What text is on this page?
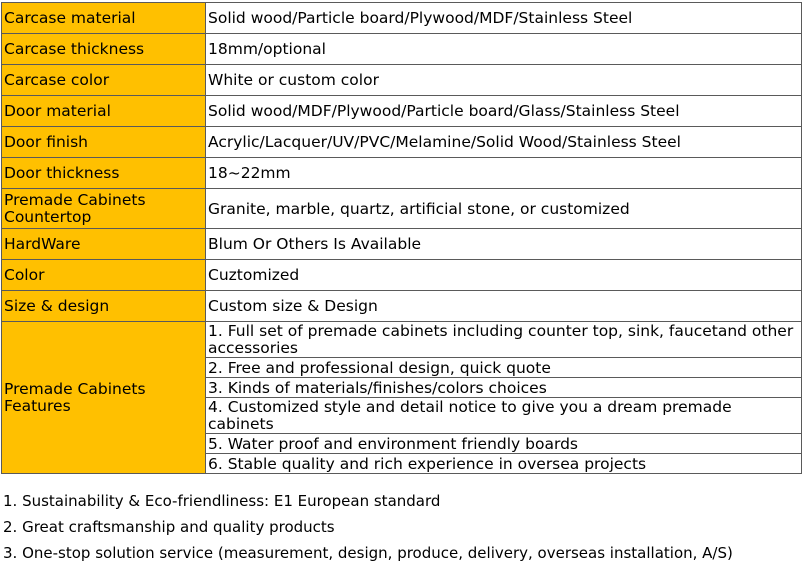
Carcase material	Solid wood/Particle board/Plywood/MDF/Stainless Steel
Carcase thickness	18mm/optional
Carcase color	White or custom color
Door material	Solid wood/MDF/Plywood/Particle board/Glass/Stainless Steel
Door finish	Acrylic/Lacquer/UV/PVC/Melamine/Solid Wood/Stainless Steel
Door thickness	18~22mm
Premade Cabinets Countertop	Granite, marble, quartz, artificial stone, or customized
HardWare	Blum Or Others Is Available
Color	Cuztomized
Size & design	Custom size & Design
Premade Cabinets Features	1. Full set of premade cabinets including counter top, sink, faucetand other accessories
	2. Free and professional design, quick quote
	3. Kinds of materials/finishes/colors choices
	4. Customized style and detail notice to give you a dream premade cabinets
	5. Water proof and environment friendly boards
	6. Stable quality and rich experience in oversea projects
1. Sustainability & Eco-friendliness: E1 European standard
2. Great craftsmanship and quality products
3. One-stop solution service (measurement, design, produce, delivery, overseas installation, A/S)
